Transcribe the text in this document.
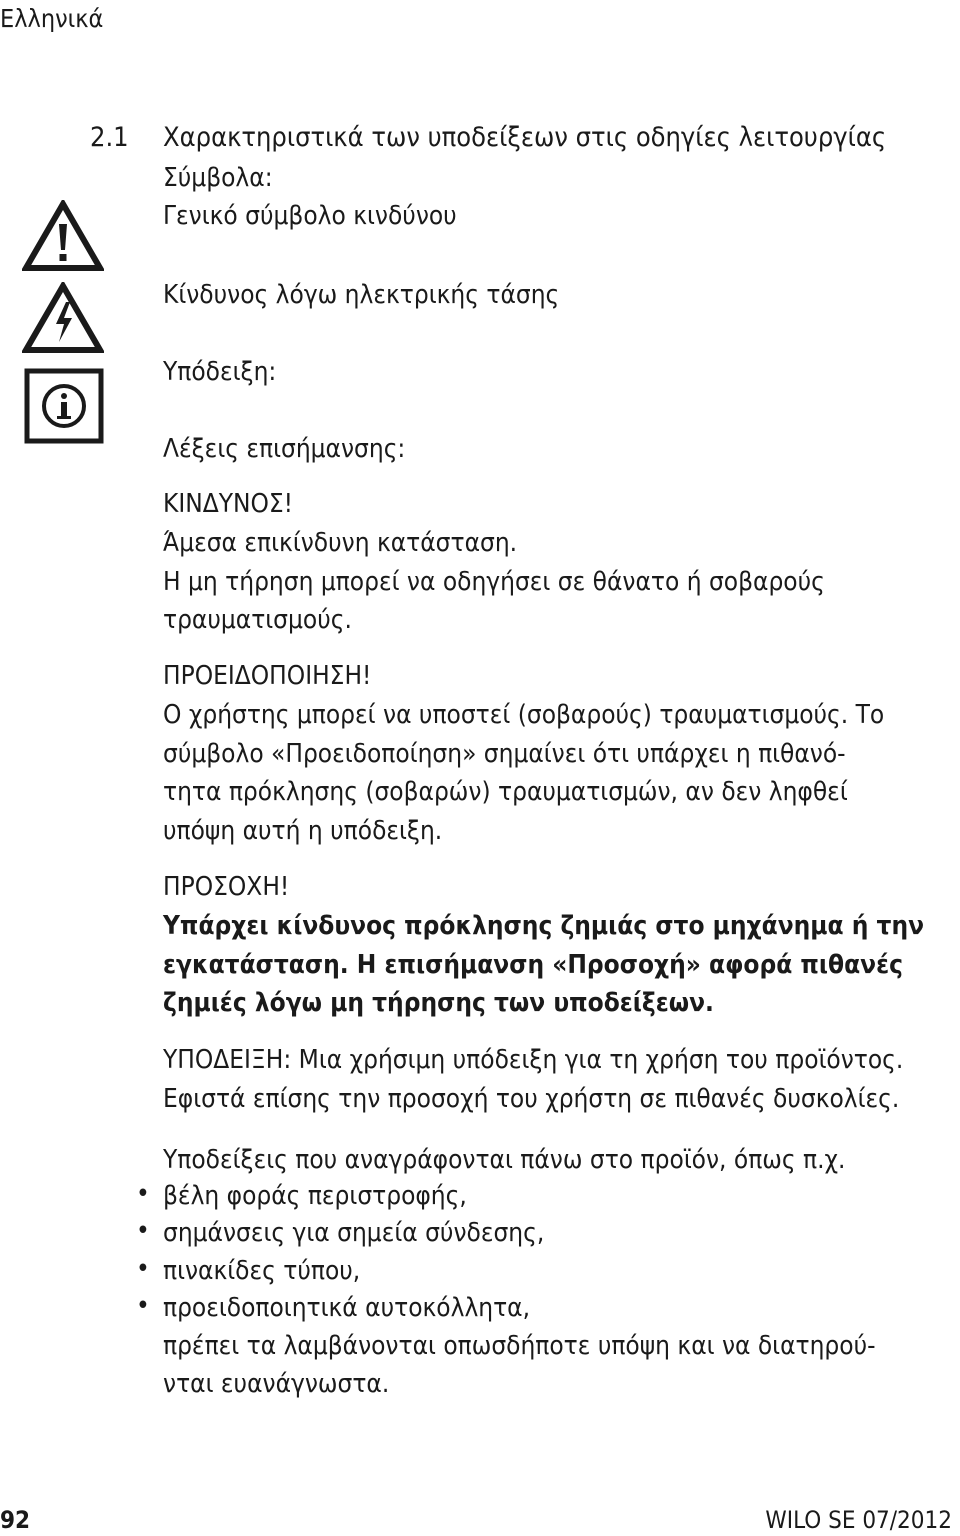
Ελληνικά
2.1 Χαρακτηριστικά των υποδείξεων στις οδηγίες λειτουργίας
Σύμβολα:
Γενικό σύμβολο κινδύνου
Κίνδυνος λόγω ηλεκτρικής τάσης
Υπόδειξη:
Λέξεις επισήμανσης:
ΚΙΝΔΥΝΟΣ!
Άμεσα επικίνδυνη κατάσταση.
Η μη τήρηση μπορεί να οδηγήσει σε θάνατο ή σοβαρούς
τραυματισμούς.
ΠΡΟΕΙΔΟΠΟΙΗΣΗ!
Ο χρήστης μπορεί να υποστεί (σοβαρούς) τραυματισμούς. Το
σύμβολο «Προειδοποίηση» σημαίνει ότι υπάρχει η πιθανό-
τητα πρόκλησης (σοβαρών) τραυματισμών, αν δεν ληφθεί
υπόψη αυτή η υπόδειξη.
ΠΡΟΣΟΧΗ!
Υπάρχει κίνδυνος πρόκλησης ζημιάς στο μηχάνημα ή την
εγκατάσταση. Η επισήμανση «Προσοχή» αφορά πιθανές
ζημιές λόγω μη τήρησης των υποδείξεων.
ΥΠΟΔΕΙΞΗ: Μια χρήσιμη υπόδειξη για τη χρήση του προϊόντος.
Εφιστά επίσης την προσοχή του χρήστη σε πιθανές δυσκολίες.
Υποδείξεις που αναγράφονται πάνω στο προϊόν, όπως π.χ.
• βέλη φοράς περιστροφής,
• σημάνσεις για σημεία σύνδεσης,
• πινακίδες τύπου,
• προειδοποιητικά αυτοκόλλητα,
πρέπει τα λαμβάνονται οπωσδήποτε υπόψη και να διατηρού-
νται ευανάγνωστα.
92	WILO SE 07/2012
